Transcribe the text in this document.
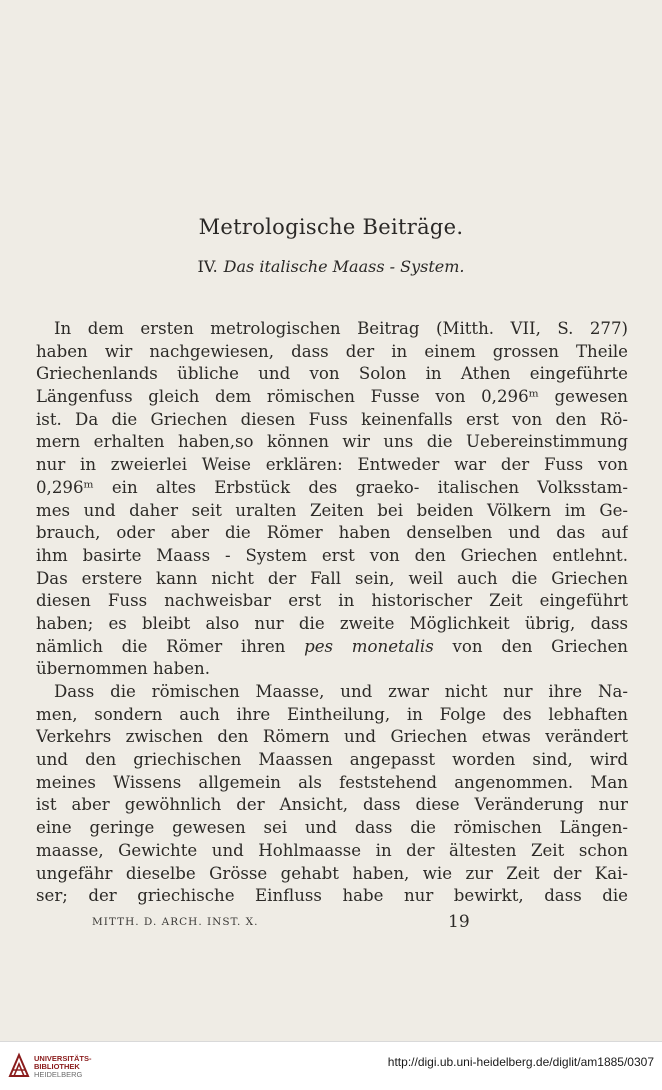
Metrologische Beiträge.
IV. Das italische Maass - System.
In dem ersten metrologischen Beitrag (Mitth. VII, S. 277)
haben wir nachgewiesen, dass der in einem grossen Theile
Griechenlands übliche und von Solon in Athen eingeführte
Längenfuss gleich dem römischen Fusse von 0,296ᵐ gewesen
ist. Da die Griechen diesen Fuss keinenfalls erst von den Rö-
mern erhalten haben,so können wir uns die Uebereinstimmung
nur in zweierlei Weise erklären: Entweder war der Fuss von
0,296ᵐ ein altes Erbstück des graeko- italischen Volksstam-
mes und daher seit uralten Zeiten bei beiden Völkern im Ge-
brauch, oder aber die Römer haben denselben und das auf
ihm basirte Maass - System erst von den Griechen entlehnt.
Das erstere kann nicht der Fall sein, weil auch die Griechen
diesen Fuss nachweisbar erst in historischer Zeit eingeführt
haben; es bleibt also nur die zweite Möglichkeit übrig, dass
nämlich die Römer ihren pes monetalis von den Griechen
übernommen haben.
Dass die römischen Maasse, und zwar nicht nur ihre Na-
men, sondern auch ihre Eintheilung, in Folge des lebhaften
Verkehrs zwischen den Römern und Griechen etwas verändert
und den griechischen Maassen angepasst worden sind, wird
meines Wissens allgemein als feststehend angenommen. Man
ist aber gewöhnlich der Ansicht, dass diese Veränderung nur
eine geringe gewesen sei und dass die römischen Längen-
maasse, Gewichte und Hohlmaasse in der ältesten Zeit schon
ungefähr dieselbe Grösse gehabt haben, wie zur Zeit der Kai-
ser; der griechische Einfluss habe nur bewirkt, dass die
MITTH. D. ARCH. INST. X.	19
UNIVERSITÄTS-
BIBLIOTHEK
HEIDELBERG
http://digi.ub.uni-heidelberg.de/diglit/am1885/0307
